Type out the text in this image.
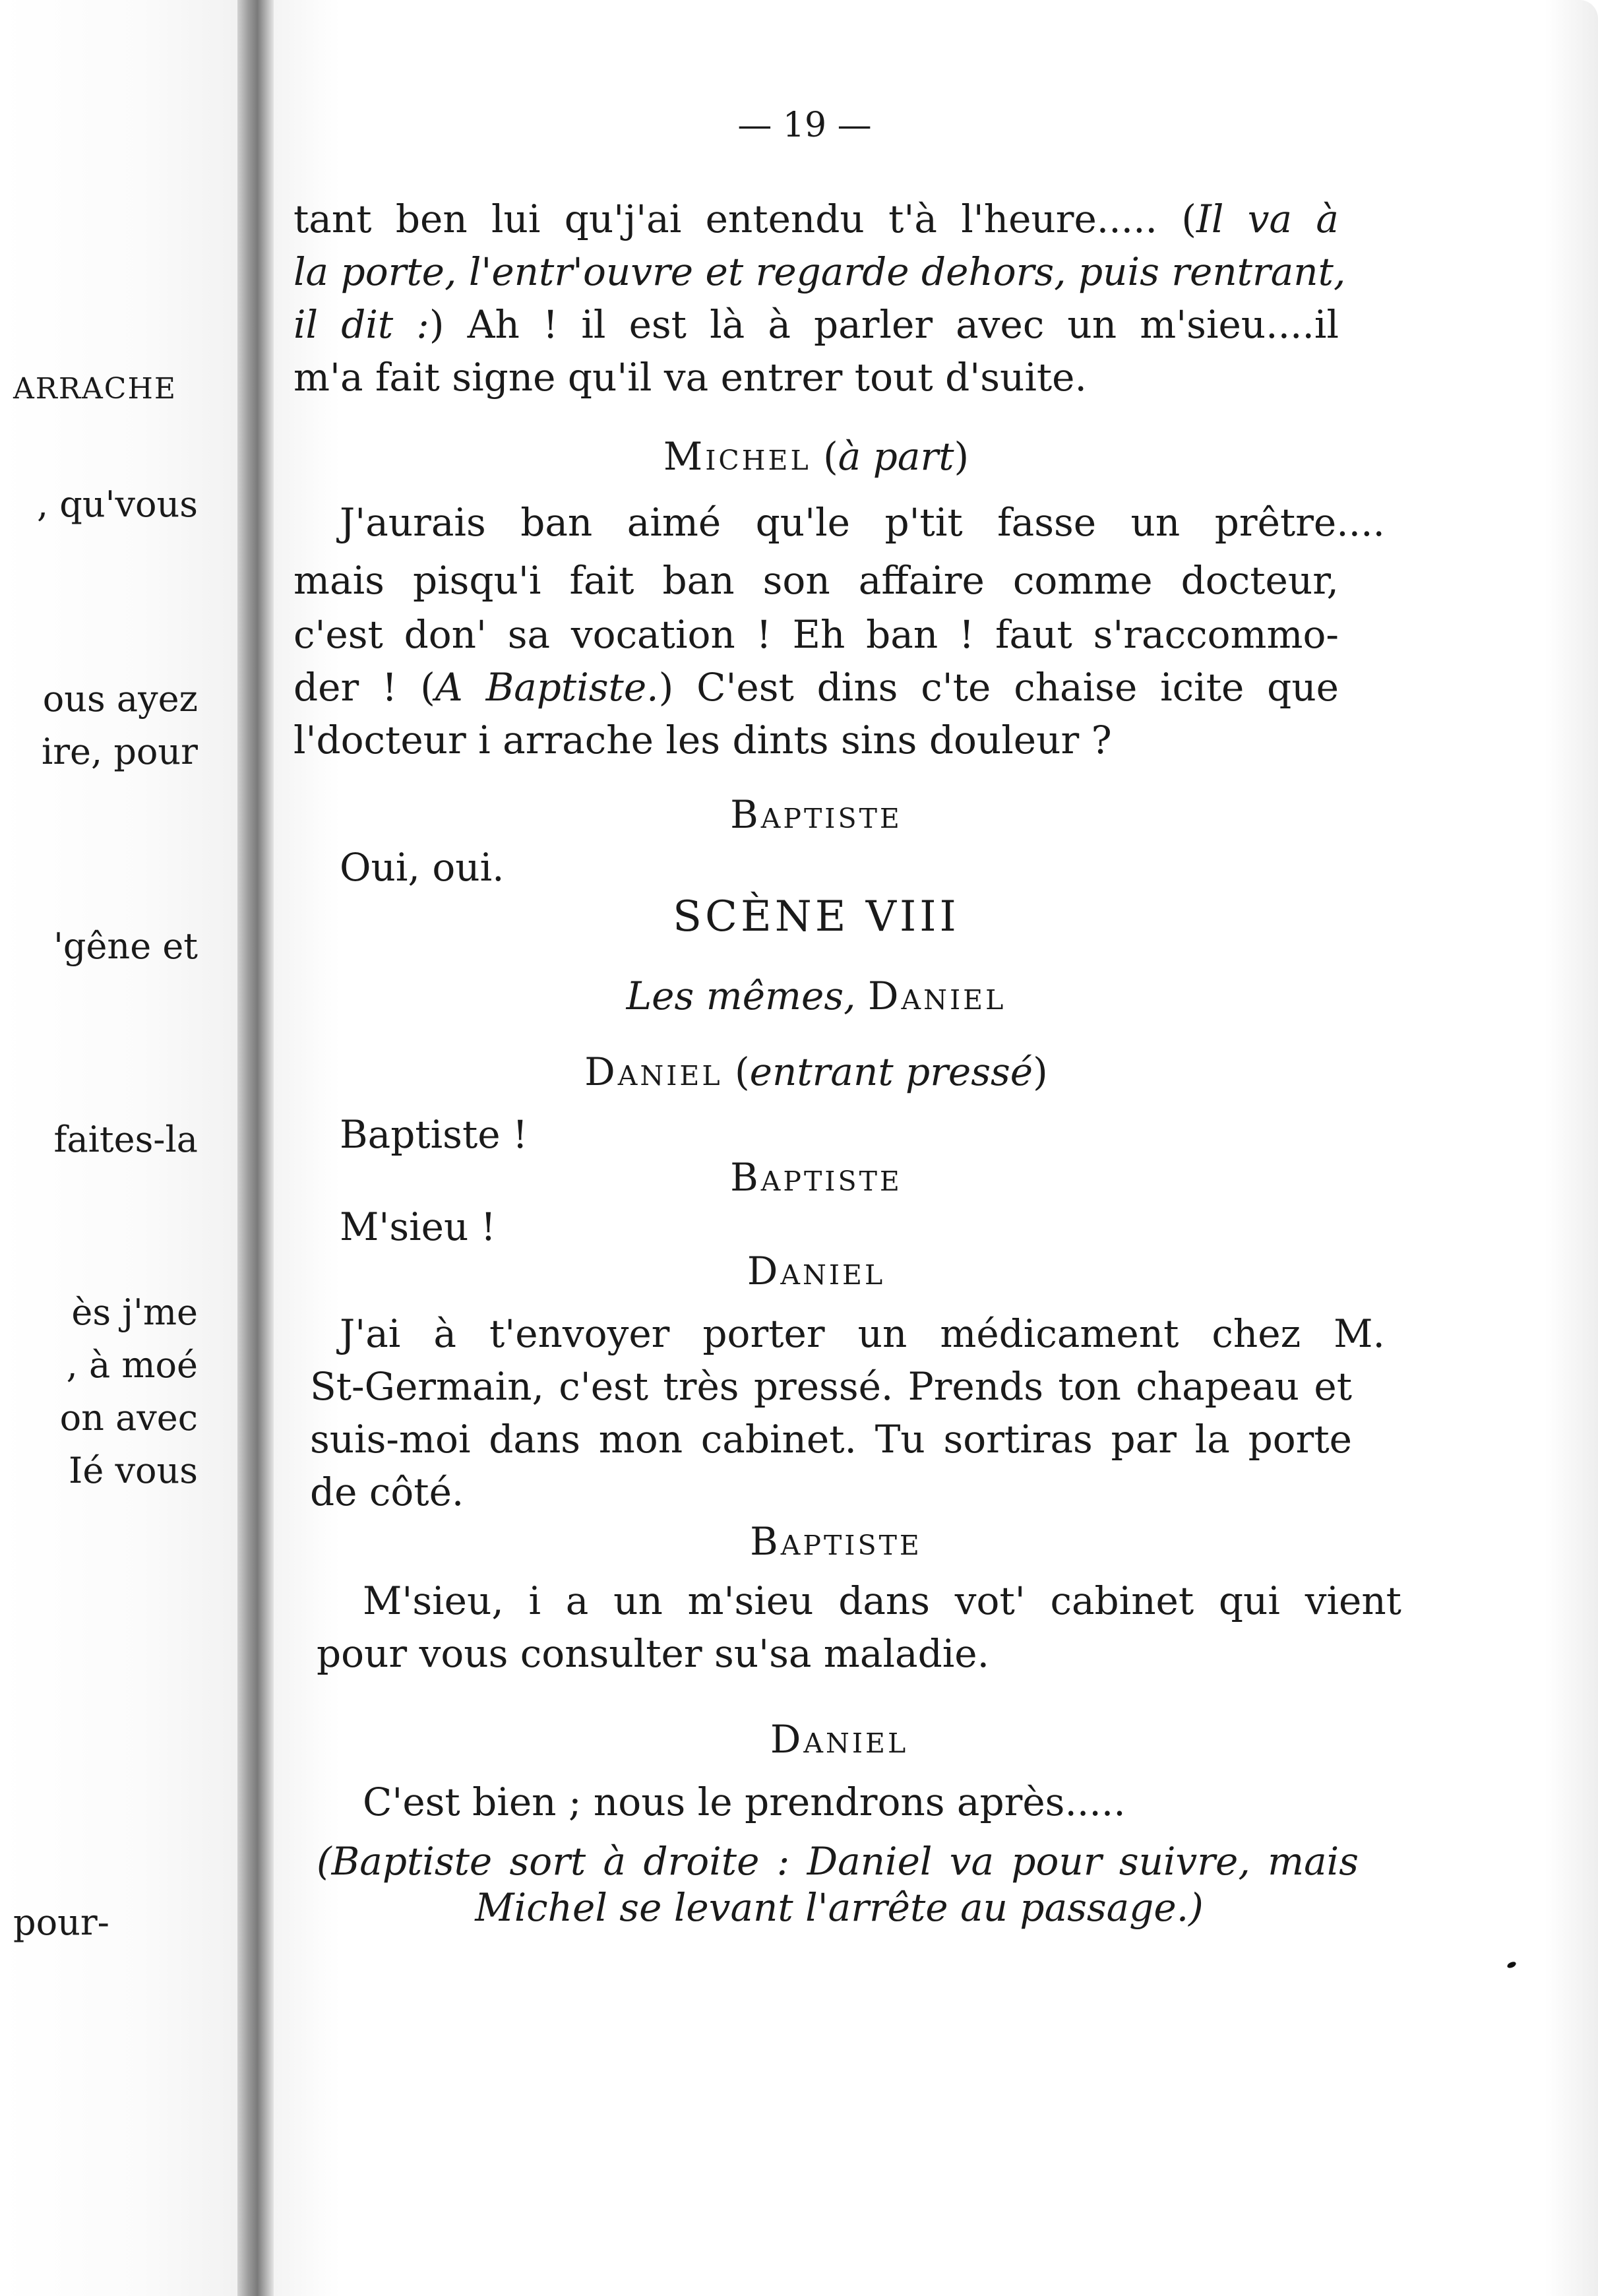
ARRACHE
, qu'vous
ous ayez
ire, pour
'gêne et
faites-la
ès j'me
, à moé
on avec
Ié vous
pour-
— 19 —
tant ben lui qu'j'ai entendu t'à l'heure..... (Il va à
la porte, l'entr'ouvre et regarde dehors, puis rentrant,
il dit :) Ah ! il est là à parler avec un m'sieu....il
m'a fait signe qu'il va entrer tout d'suite.
Michel (à part)
J'aurais ban aimé qu'le p'tit fasse un prêtre....
mais pisqu'i fait ban son affaire comme docteur,
c'est don' sa vocation ! Eh ban ! faut s'raccommo-
der ! (A Baptiste.) C'est dins c'te chaise icite que
l'docteur i arrache les dints sins douleur ?
Baptiste
Oui, oui.
SCÈNE VIII
Les mêmes, Daniel
Daniel (entrant pressé)
Baptiste !
Baptiste
M'sieu !
Daniel
J'ai à t'envoyer porter un médicament chez M.
St-Germain, c'est très pressé. Prends ton chapeau et
suis-moi dans mon cabinet. Tu sortiras par la porte
de côté.
Baptiste
M'sieu, i a un m'sieu dans vot' cabinet qui vient
pour vous consulter su'sa maladie.
Daniel
C'est bien ; nous le prendrons après.....
(Baptiste sort à droite : Daniel va pour suivre, mais
Michel se levant l'arrête au passage.)
